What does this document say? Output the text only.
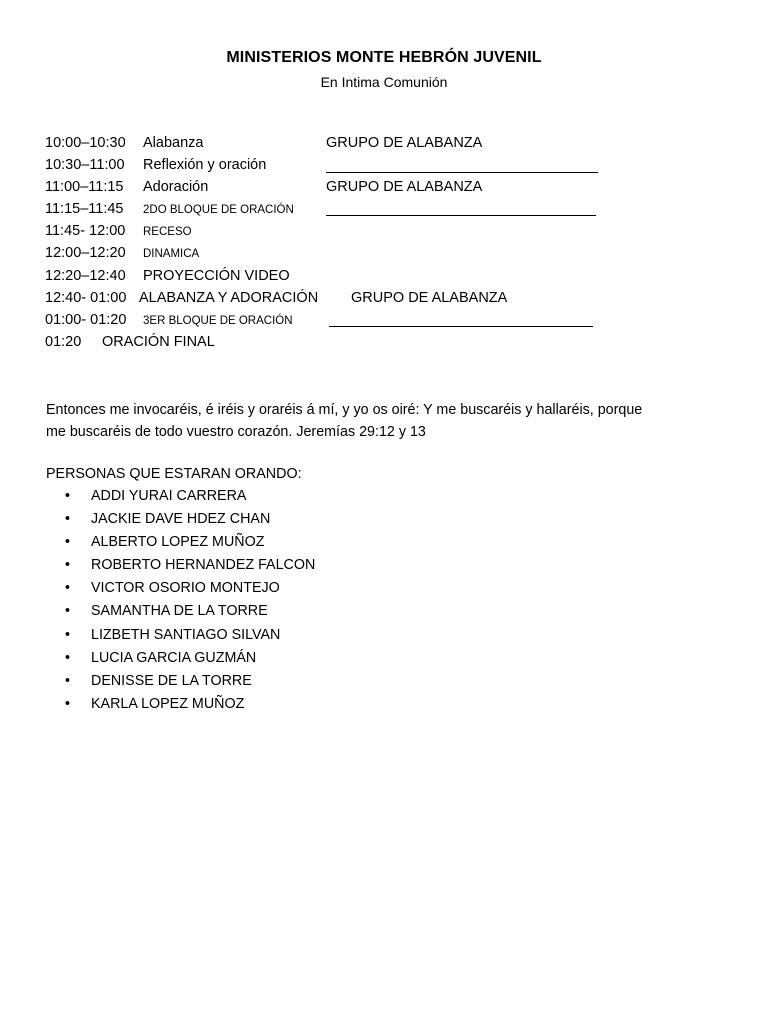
MINISTERIOS MONTE HEBRÓN JUVENIL
En Intima Comunión
10:00–10:30 Alabanza	GRUPO DE ALABANZA
10:30–11:00 Reflexión y oración
11:00–11:15 Adoración	GRUPO DE ALABANZA
11:15–11:45 2DO BLOQUE DE ORACIÓN
11:45- 12:00 RECESO
12:00–12:20 DINAMICA
12:20–12:40 PROYECCIÓN VIDEO
12:40- 01:00 ALABANZA Y ADORACIÓN GRUPO DE ALABANZA
01:00- 01:20 3ER BLOQUE DE ORACIÓN
01:20 ORACIÓN FINAL
Entonces me invocaréis, é iréis y oraréis á mí, y yo os oiré: Y me buscaréis y hallaréis, porque
me buscaréis de todo vuestro corazón. Jeremías 29:12 y 13
PERSONAS QUE ESTARAN ORANDO:
• ADDI YURAI CARRERA
• JACKIE DAVE HDEZ CHAN
• ALBERTO LOPEZ MUÑOZ
• ROBERTO HERNANDEZ FALCON
• VICTOR OSORIO MONTEJO
• SAMANTHA DE LA TORRE
• LIZBETH SANTIAGO SILVAN
• LUCIA GARCIA GUZMÁN
• DENISSE DE LA TORRE
• KARLA LOPEZ MUÑOZ
